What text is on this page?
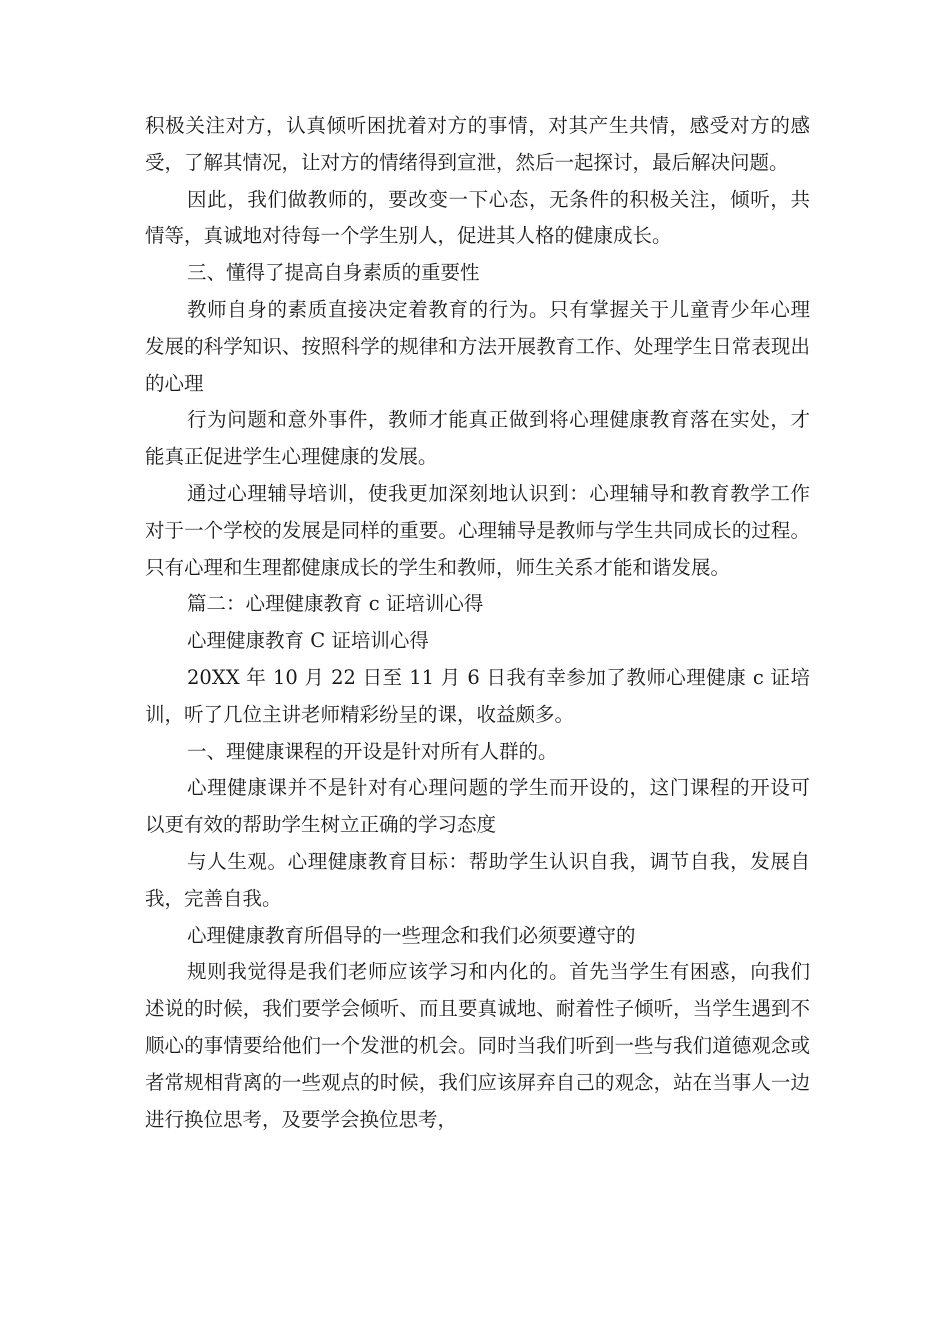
积极关注对方，认真倾听困扰着对方的事情，对其产生共情，感受对方的感受，了解其情况，让对方的情绪得到宣泄，然后一起探讨，最后解决问题。

因此，我们做教师的，要改变一下心态，无条件的积极关注，倾听，共情等，真诚地对待每一个学生别人，促进其人格的健康成长。

三、懂得了提高自身素质的重要性

教师自身的素质直接决定着教育的行为。只有掌握关于儿童青少年心理发展的科学知识、按照科学的规律和方法开展教育工作、处理学生日常表现出的心理

行为问题和意外事件，教师才能真正做到将心理健康教育落在实处，才能真正促进学生心理健康的发展。

通过心理辅导培训，使我更加深刻地认识到：心理辅导和教育教学工作对于一个学校的发展是同样的重要。心理辅导是教师与学生共同成长的过程。只有心理和生理都健康成长的学生和教师，师生关系才能和谐发展。

篇二：心理健康教育 c 证培训心得

心理健康教育 C 证培训心得

20XX 年 10 月 22 日至 11 月 6 日我有幸参加了教师心理健康 c 证培训，听了几位主讲老师精彩纷呈的课，收益颇多。

一、理健康课程的开设是针对所有人群的。

心理健康课并不是针对有心理问题的学生而开设的，这门课程的开设可以更有效的帮助学生树立正确的学习态度

与人生观。心理健康教育目标：帮助学生认识自我，调节自我，发展自我，完善自我。

心理健康教育所倡导的一些理念和我们必须要遵守的

规则我觉得是我们老师应该学习和内化的。首先当学生有困惑，向我们述说的时候，我们要学会倾听、而且要真诚地、耐着性子倾听，当学生遇到不顺心的事情要给他们一个发泄的机会。同时当我们听到一些与我们道德观念或者常规相背离的一些观点的时候，我们应该屏弃自己的观念，站在当事人一边进行换位思考，及要学会换位思考，
